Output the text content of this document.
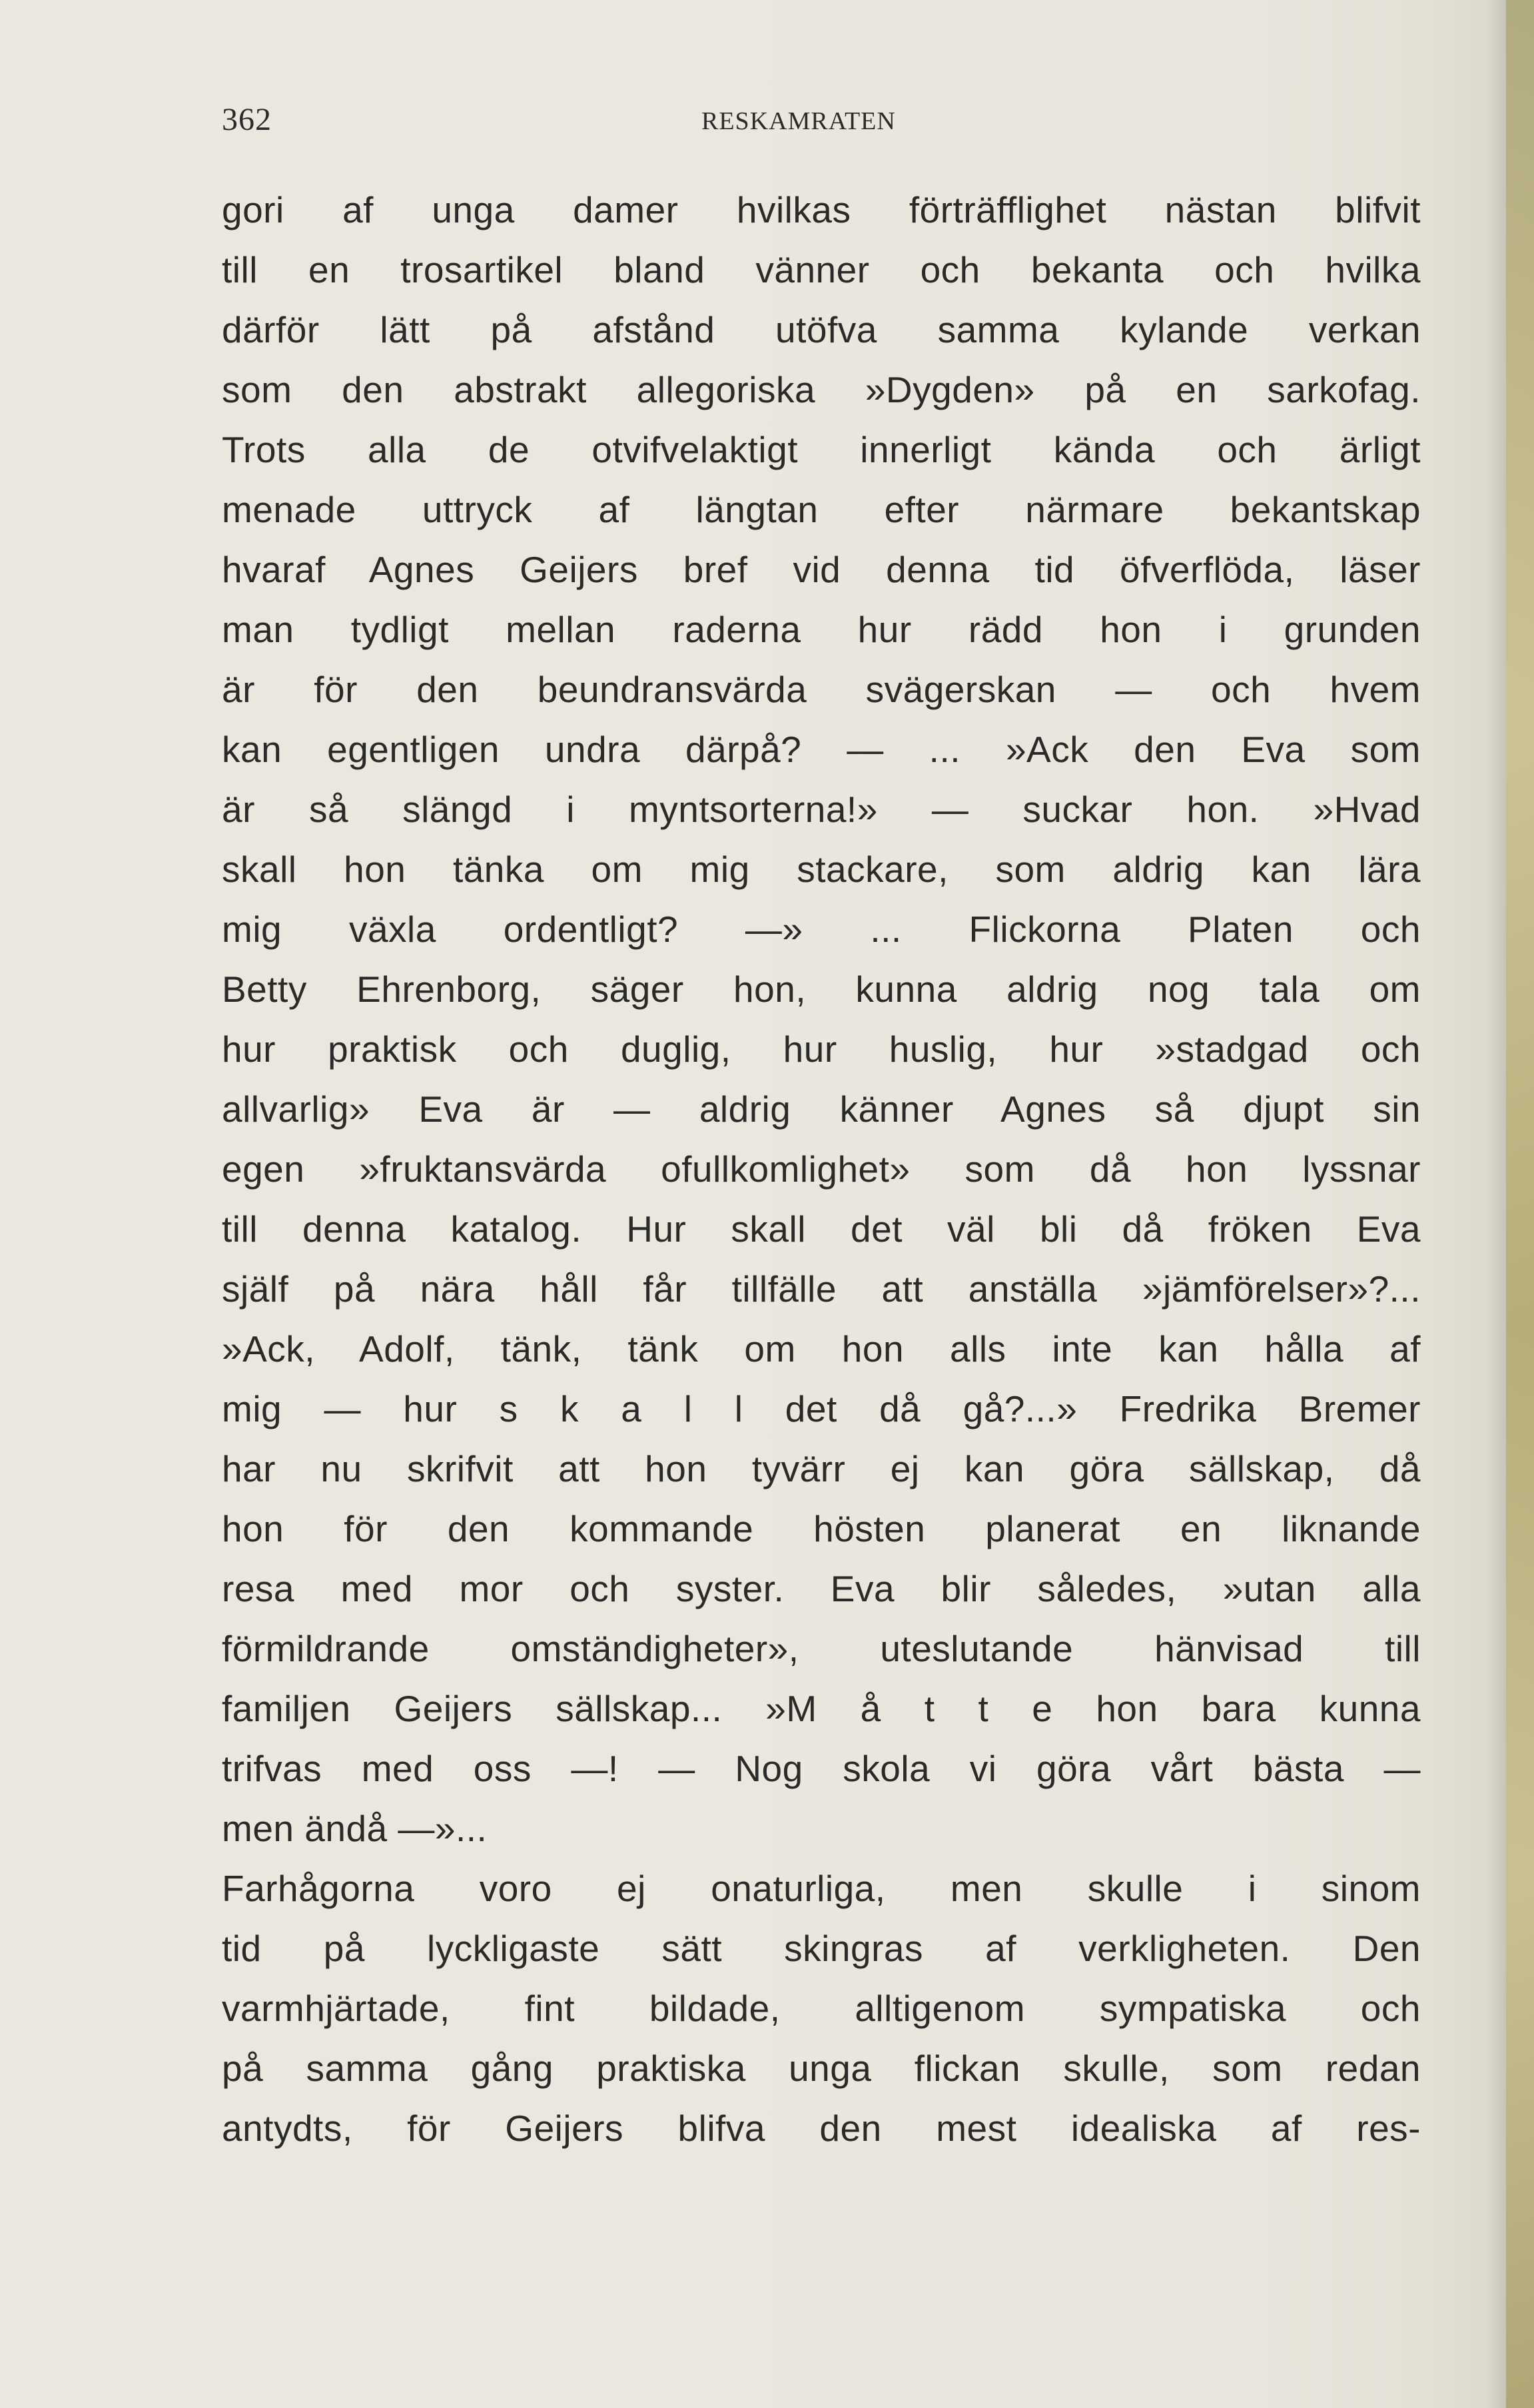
362	RESKAMRATEN
gori af unga damer hvilkas förträfflighet nästan blifvit
till en trosartikel bland vänner och bekanta och hvilka
därför lätt på afstånd utöfva samma kylande verkan
som den abstrakt allegoriska »Dygden» på en sarkofag.
Trots alla de otvifvelaktigt innerligt kända och ärligt
menade uttryck af längtan efter närmare bekantskap
hvaraf Agnes Geijers bref vid denna tid öfverflöda, läser
man tydligt mellan raderna hur rädd hon i grunden
är för den beundransvärda svägerskan — och hvem
kan egentligen undra därpå? — ... »Ack den Eva som
är så slängd i myntsorterna!» — suckar hon. »Hvad
skall hon tänka om mig stackare, som aldrig kan lära
mig växla ordentligt? —» ... Flickorna Platen och
Betty Ehrenborg, säger hon, kunna aldrig nog tala om
hur praktisk och duglig, hur huslig, hur »stadgad och
allvarlig» Eva är — aldrig känner Agnes så djupt sin
egen »fruktansvärda ofullkomlighet» som då hon lyssnar
till denna katalog. Hur skall det väl bli då fröken Eva
själf på nära håll får tillfälle att anställa »jämförelser»?...
»Ack, Adolf, tänk, tänk om hon alls inte kan hålla af
mig — hur s k a l l det då gå?...» Fredrika Bremer
har nu skrifvit att hon tyvärr ej kan göra sällskap, då
hon för den kommande hösten planerat en liknande
resa med mor och syster. Eva blir således, »utan alla
förmildrande omständigheter», uteslutande hänvisad till
familjen Geijers sällskap... »M å t t e hon bara kunna
trifvas med oss —! — Nog skola vi göra vårt bästa —
men ändå —»...
Farhågorna voro ej onaturliga, men skulle i sinom
tid på lyckligaste sätt skingras af verkligheten. Den
varmhjärtade, fint bildade, alltigenom sympatiska och
på samma gång praktiska unga flickan skulle, som redan
antydts, för Geijers blifva den mest idealiska af res-
